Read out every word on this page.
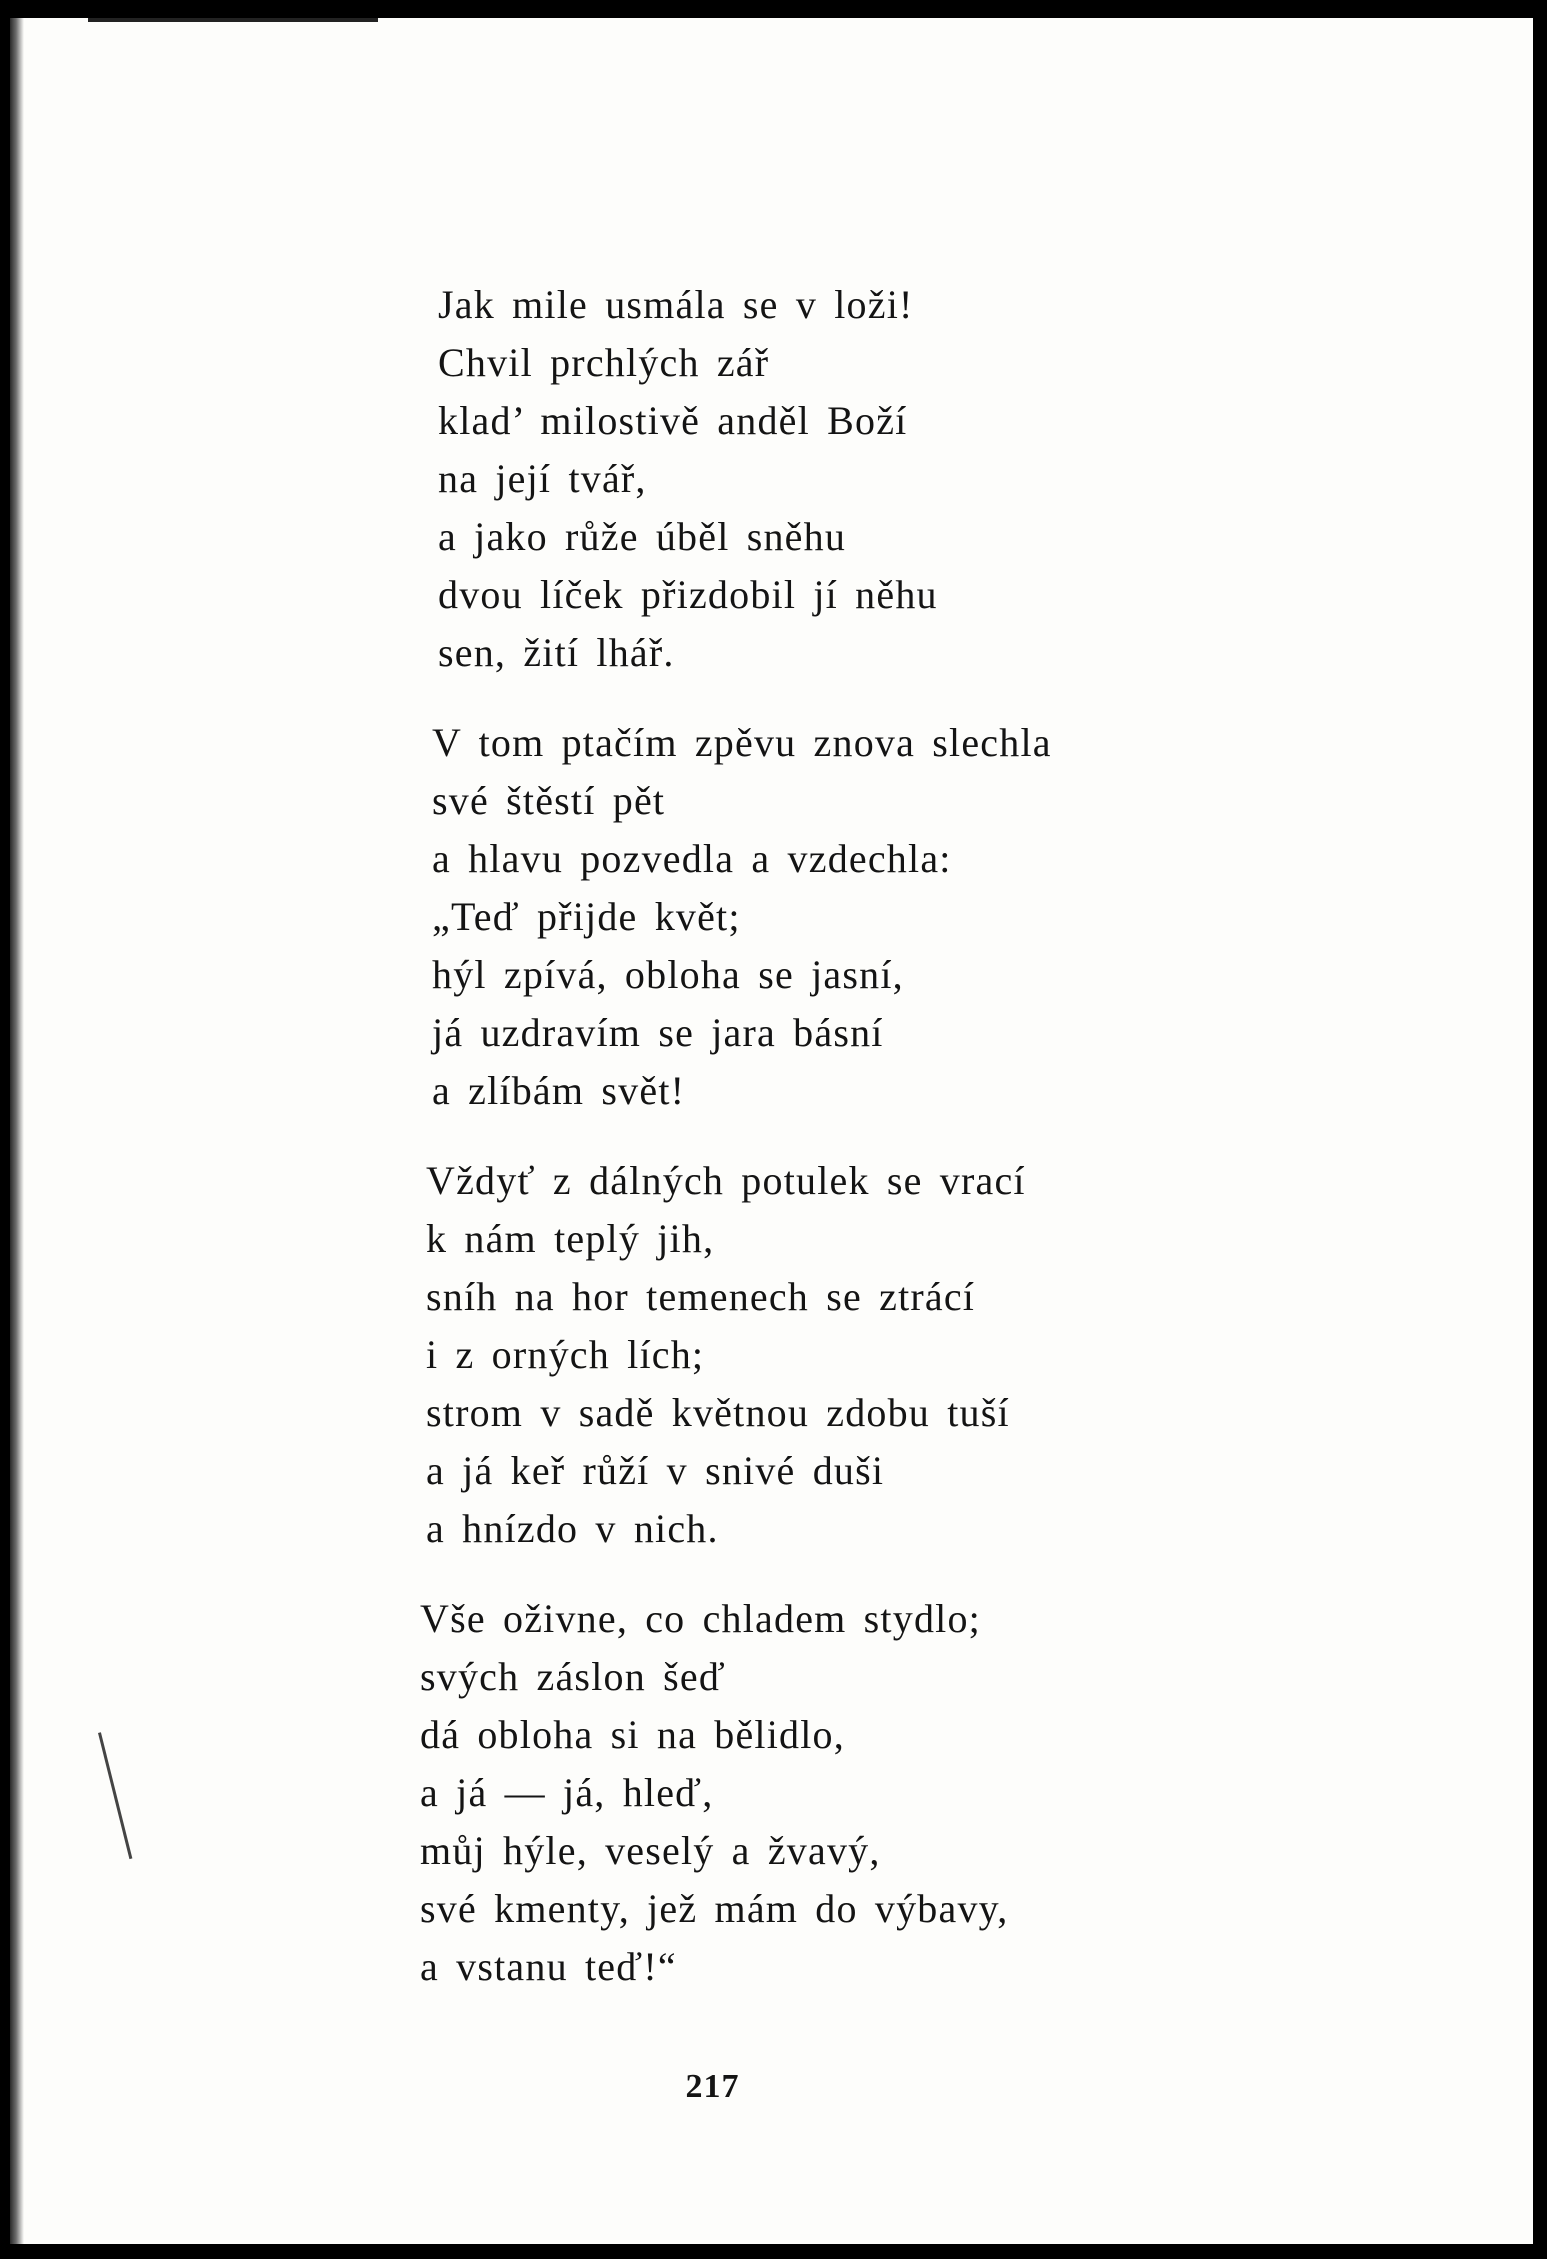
Jak mile usmála se v loži!
Chvil prchlých zář
klad’ milostivě anděl Boží
na její tvář,
a jako růže úběl sněhu
dvou líček přizdobil jí něhu
sen, žití lhář.
V tom ptačím zpěvu znova slechla
své štěstí pět
a hlavu pozvedla a vzdechla:
„Teď přijde květ;
hýl zpívá, obloha se jasní,
já uzdravím se jara básní
a zlíbám svět!
Vždyť z dálných potulek se vrací
k nám teplý jih,
sníh na hor temenech se ztrácí
i z orných lích;
strom v sadě květnou zdobu tuší
a já keř růží v snivé duši
a hnízdo v nich.
Vše oživne, co chladem stydlo;
svých záslon šeď
dá obloha si na bělidlo,
a já — já, hleď,
můj hýle, veselý a žvavý,
své kmenty, jež mám do výbavy,
a vstanu teď!“
217
